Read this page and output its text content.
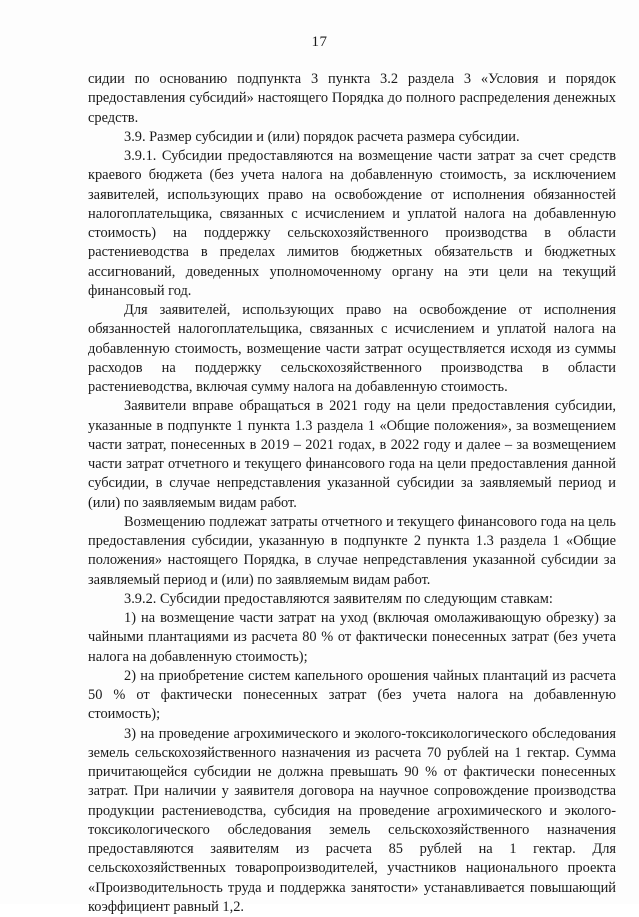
17

сидии по основанию подпункта 3 пункта 3.2 раздела 3 «Условия и порядок предоставления субсидий» настоящего Порядка до полного распределения денежных средств.

3.9. Размер субсидии и (или) порядок расчета размера субсидии.

3.9.1. Субсидии предоставляются на возмещение части затрат за счет средств краевого бюджета (без учета налога на добавленную стоимость, за исключением заявителей, использующих право на освобождение от исполнения обязанностей налогоплательщика, связанных с исчислением и уплатой налога на добавленную стоимость) на поддержку сельскохозяйственного производства в области растениеводства в пределах лимитов бюджетных обязательств и бюджетных ассигнований, доведенных уполномоченному органу на эти цели на текущий финансовый год.

Для заявителей, использующих право на освобождение от исполнения обязанностей налогоплательщика, связанных с исчислением и уплатой налога на добавленную стоимость, возмещение части затрат осуществляется исходя из суммы расходов на поддержку сельскохозяйственного производства в области растениеводства, включая сумму налога на добавленную стоимость.

Заявители вправе обращаться в 2021 году на цели предоставления субсидии, указанные в подпункте 1 пункта 1.3 раздела 1 «Общие положения», за возмещением части затрат, понесенных в 2019 – 2021 годах, в 2022 году и далее – за возмещением части затрат отчетного и текущего финансового года на цели предоставления данной субсидии, в случае непредставления указанной субсидии за заявляемый период и (или) по заявляемым видам работ.

Возмещению подлежат затраты отчетного и текущего финансового года на цель предоставления субсидии, указанную в подпункте 2 пункта 1.3 раздела 1 «Общие положения» настоящего Порядка, в случае непредставления указанной субсидии за заявляемый период и (или) по заявляемым видам работ.

3.9.2. Субсидии предоставляются заявителям по следующим ставкам:

1) на возмещение части затрат на уход (включая омолаживающую обрезку) за чайными плантациями из расчета 80 % от фактически понесенных затрат (без учета налога на добавленную стоимость);

2) на приобретение систем капельного орошения чайных плантаций из расчета 50 % от фактически понесенных затрат (без учета налога на добавленную стоимость);

3) на проведение агрохимического и эколого-токсикологического обследования земель сельскохозяйственного назначения из расчета 70 рублей на 1 гектар. Сумма причитающейся субсидии не должна превышать 90 % от фактически понесенных затрат. При наличии у заявителя договора на научное сопровождение производства продукции растениеводства, субсидия на проведение агрохимического и эколого-токсикологического обследования земель сельскохозяйственного назначения предоставляются заявителям из расчета 85 рублей на 1 гектар. Для сельскохозяйственных товаропроизводителей, участников национального проекта «Производительность труда и поддержка занятости» устанавливается повышающий коэффициент равный 1,2.
